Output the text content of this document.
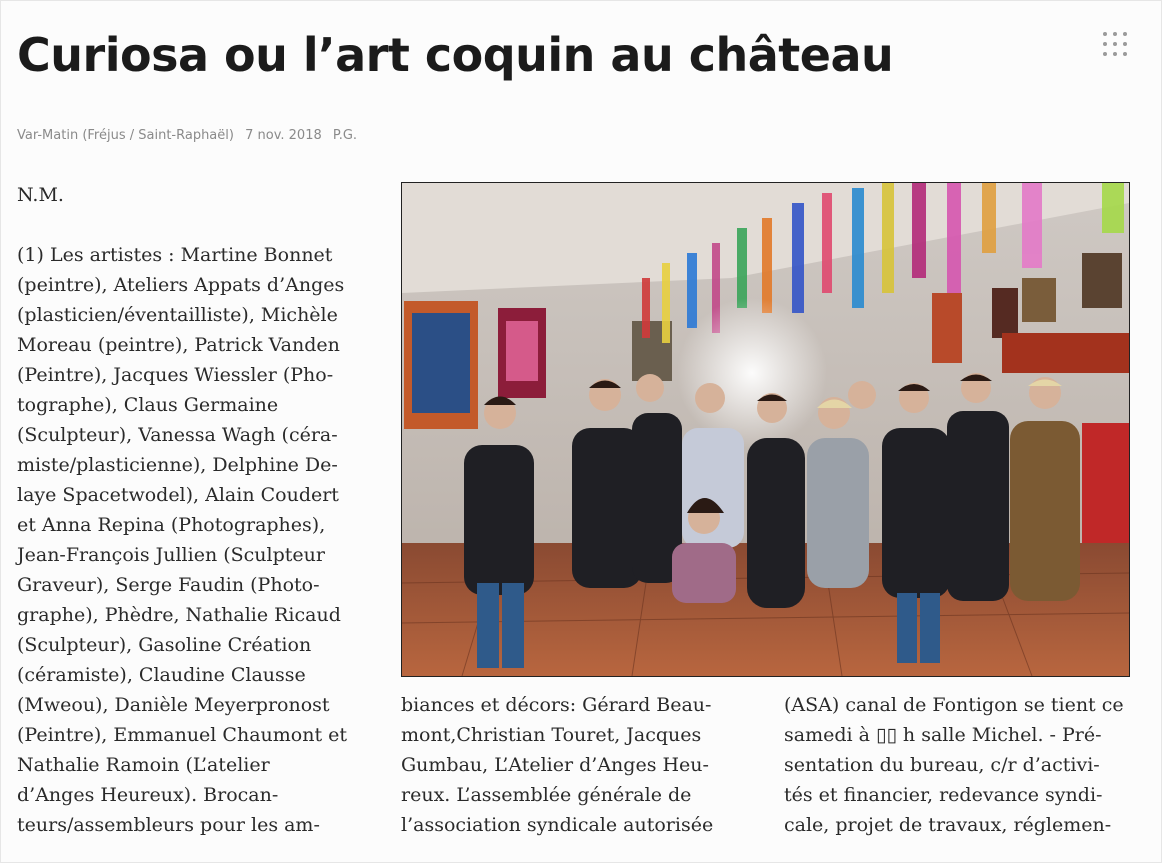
Curiosa ou l’art coquin au château
Var-Matin (Fréjus / Saint-Raphaël) 7 nov. 2018 P.G.

N.M.

(1) Les artistes : Martine Bonnet

(peintre), Ateliers Appats d’Anges

(plasticien/éventailliste), Michèle

Moreau (peintre), Patrick Vanden

(Peintre), Jacques Wiessler (Pho-

tographe), Claus Germaine

(Sculpteur), Vanessa Wagh (céra-

miste/plasticienne), Delphine De-

laye Spacetwodel), Alain Coudert

et Anna Repina (Photographes),

Jean-François Jullien (Sculpteur

Graveur), Serge Faudin (Photo-

graphe), Phèdre, Nathalie Ricaud

(Sculpteur), Gasoline Création

(céramiste), Claudine Clausse

(Mweou), Danièle Meyerpronost

(Peintre), Emmanuel Chaumont et

Nathalie Ramoin (L’atelier

d’Anges Heureux). Brocan-

teurs/assembleurs pour les am-

biances et décors: Gérard Beau-

mont,Christian Touret, Jacques

Gumbau, L’Atelier d’Anges Heu-

reux. L’assemblée générale de

l’association syndicale autorisée

(ASA) canal de Fontigon se tient ce

samedi à ▯▯ h salle Michel. - Pré-

sentation du bureau, c/r d’activi-

tés et financier, redevance syndi-

cale, projet de travaux, réglemen-
